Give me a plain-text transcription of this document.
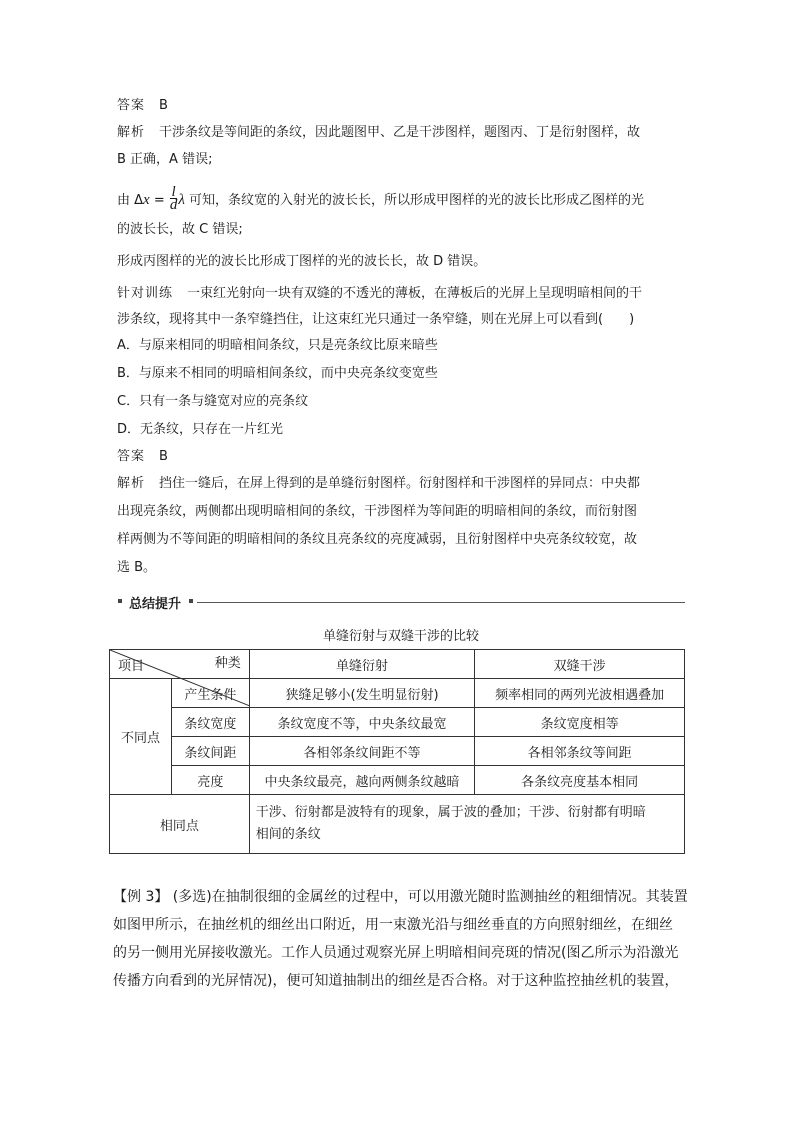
答案 B
解析 干涉条纹是等间距的条纹，因此题图甲、乙是干涉图样，题图丙、丁是衍射图样，故
B 正确，A 错误;
由 $\Delta x = \frac{l}{d}$ λ 可知，条纹宽的入射光的波长长，所以形成甲图样的光的波长比形成乙图样的光
的波长长，故 C 错误;
形成丙图样的光的波长比形成丁图样的光的波长长，故 D 错误。
针对训练 一束红光射向一块有双缝的不透光的薄板，在薄板后的光屏上呈现明暗相间的干
涉条纹，现将其中一条窄缝挡住，让这束红光只通过一条窄缝，则在光屏上可以看到(　　)
A．与原来相同的明暗相间条纹，只是亮条纹比原来暗些
B．与原来不相同的明暗相间条纹，而中央亮条纹变宽些
C．只有一条与缝宽对应的亮条纹
D．无条纹，只存在一片红光
答案 B
解析 挡住一缝后，在屏上得到的是单缝衍射图样。衍射图样和干涉图样的异同点：中央都
出现亮条纹，两侧都出现明暗相间的条纹，干涉图样为等间距的明暗相间的条纹，而衍射图
样两侧为不等间距的明暗相间的条纹且亮条纹的亮度减弱，且衍射图样中央亮条纹较宽，故
选 B。
总结提升
单缝衍射与双缝干涉的比较
种类
项目		单缝衍射	双缝干涉
不同点	产生条件	狭缝足够小(发生明显衍射)	频率相同的两列光波相遇叠加
	条纹宽度	条纹宽度不等，中央条纹最宽	条纹宽度相等
	条纹间距	各相邻条纹间距不等	各相邻条纹等间距
	亮度	中央条纹最亮，越向两侧条纹越暗	各条纹亮度基本相同
相同点		干涉、衍射都是波特有的现象，属于波的叠加；干涉、衍射都有明暗
相间的条纹	
【例 3】 (多选)在抽制很细的金属丝的过程中，可以用激光随时监测抽丝的粗细情况。其装置
如图甲所示，在抽丝机的细丝出口附近，用一束激光沿与细丝垂直的方向照射细丝，在细丝
的另一侧用光屏接收激光。工作人员通过观察光屏上明暗相间亮斑的情况(图乙所示为沿激光
传播方向看到的光屏情况)，便可知道抽制出的细丝是否合格。对于这种监控抽丝机的装置，
